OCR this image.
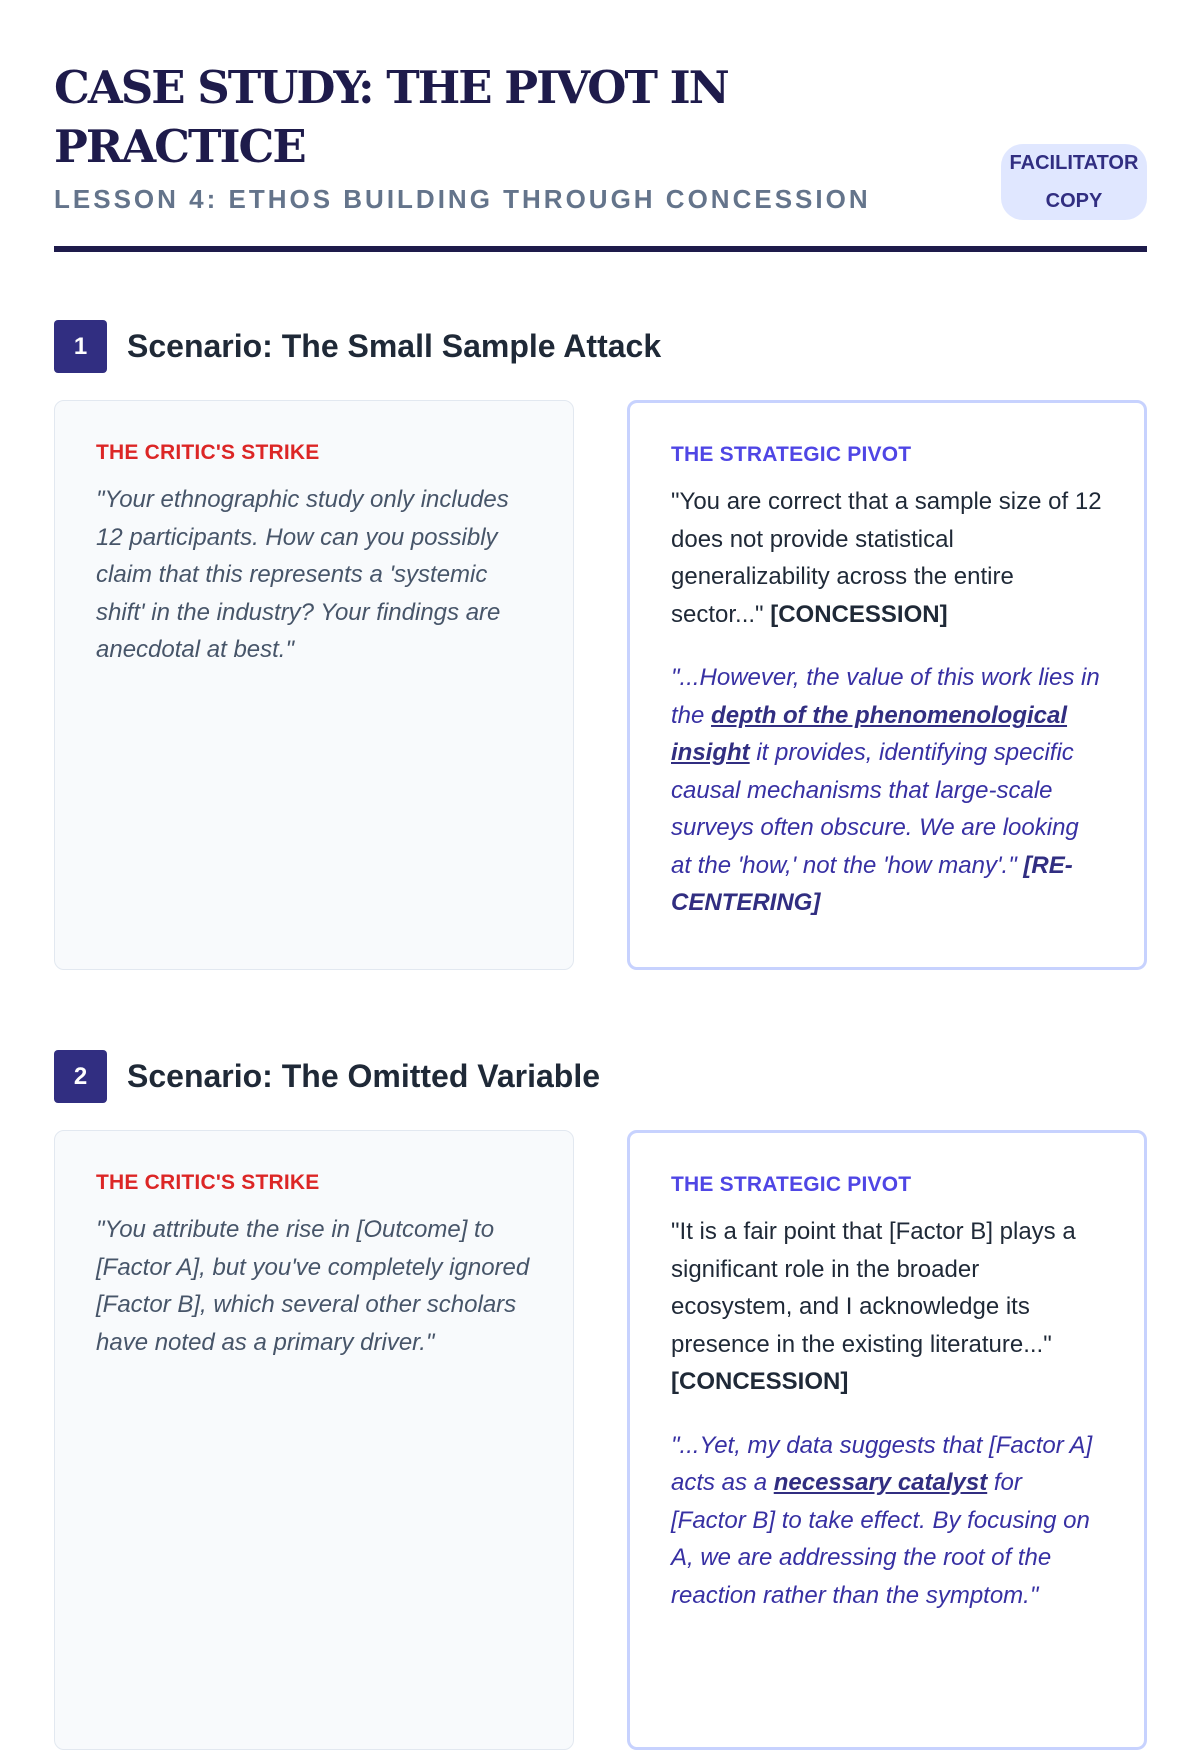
CASE STUDY: THE PIVOT IN PRACTICE
LESSON 4: ETHOS BUILDING THROUGH CONCESSION
FACILITATOR COPY
1	Scenario: The Small Sample Attack

THE CRITIC'S STRIKE

"Your ethnographic study only includes 12 participants. How can you possibly claim that this represents a 'systemic shift' in the industry? Your findings are anecdotal at best."

THE STRATEGIC PIVOT

"You are correct that a sample size of 12 does not provide statistical generalizability across the entire sector..." [CONCESSION]

"...However, the value of this work lies in the depth of the phenomenological insight it provides, identifying specific causal mechanisms that large-scale surveys often obscure. We are looking at the 'how,' not the 'how many'." [RE-CENTERING]

2	Scenario: The Omitted Variable

THE CRITIC'S STRIKE

"You attribute the rise in [Outcome] to [Factor A], but you've completely ignored [Factor B], which several other scholars have noted as a primary driver."

THE STRATEGIC PIVOT

"It is a fair point that [Factor B] plays a significant role in the broader ecosystem, and I acknowledge its presence in the existing literature..." [CONCESSION]

"...Yet, my data suggests that [Factor A] acts as a necessary catalyst for [Factor B] to take effect. By focusing on A, we are addressing the root of the reaction rather than the symptom."
